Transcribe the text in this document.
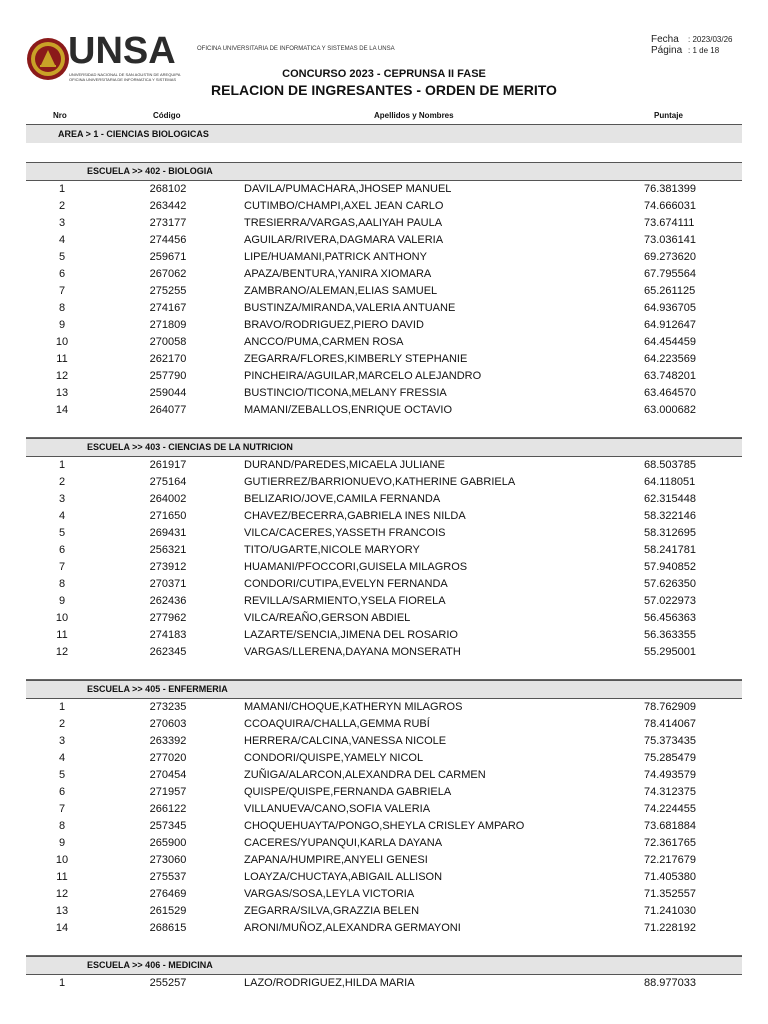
UNSA
UNIVERSIDAD NACIONAL DE SAN AGUSTIN DE AREQUIPA
OFICINA UNIVERSITARIA DE INFORMATICA Y SISTEMAS
OFICINA UNIVERSITARIA DE INFORMATICA Y SISTEMAS DE LA UNSA
Fecha : 2023/03/26
Página : 1 de 18
CONCURSO 2023 - CEPRUNSA II FASE
RELACION DE INGRESANTES - ORDEN DE MERITO
Nro	Código	Apellidos y Nombres	Puntaje
AREA > 1 - CIENCIAS BIOLOGICAS
ESCUELA >> 402 - BIOLOGIA
1	268102	DAVILA/PUMACHARA,JHOSEP MANUEL	76.381399
2	263442	CUTIMBO/CHAMPI,AXEL JEAN CARLO	74.666031
3	273177	TRESIERRA/VARGAS,AALIYAH PAULA	73.674111
4	274456	AGUILAR/RIVERA,DAGMARA VALERIA	73.036141
5	259671	LIPE/HUAMANI,PATRICK ANTHONY	69.273620
6	267062	APAZA/BENTURA,YANIRA XIOMARA	67.795564
7	275255	ZAMBRANO/ALEMAN,ELIAS SAMUEL	65.261125
8	274167	BUSTINZA/MIRANDA,VALERIA ANTUANE	64.936705
9	271809	BRAVO/RODRIGUEZ,PIERO DAVID	64.912647
10	270058	ANCCO/PUMA,CARMEN ROSA	64.454459
11	262170	ZEGARRA/FLORES,KIMBERLY STEPHANIE	64.223569
12	257790	PINCHEIRA/AGUILAR,MARCELO ALEJANDRO	63.748201
13	259044	BUSTINCIO/TICONA,MELANY FRESSIA	63.464570
14	264077	MAMANI/ZEBALLOS,ENRIQUE OCTAVIO	63.000682
ESCUELA >> 403 - CIENCIAS DE LA NUTRICION
1	261917	DURAND/PAREDES,MICAELA JULIANE	68.503785
2	275164	GUTIERREZ/BARRIONUEVO,KATHERINE GABRIELA	64.118051
3	264002	BELIZARIO/JOVE,CAMILA FERNANDA	62.315448
4	271650	CHAVEZ/BECERRA,GABRIELA INES NILDA	58.322146
5	269431	VILCA/CACERES,YASSETH FRANCOIS	58.312695
6	256321	TITO/UGARTE,NICOLE MARYORY	58.241781
7	273912	HUAMANI/PFOCCORI,GUISELA MILAGROS	57.940852
8	270371	CONDORI/CUTIPA,EVELYN FERNANDA	57.626350
9	262436	REVILLA/SARMIENTO,YSELA FIORELA	57.022973
10	277962	VILCA/REAÑO,GERSON ABDIEL	56.456363
11	274183	LAZARTE/SENCIA,JIMENA DEL ROSARIO	56.363355
12	262345	VARGAS/LLERENA,DAYANA MONSERATH	55.295001
ESCUELA >> 405 - ENFERMERIA
1	273235	MAMANI/CHOQUE,KATHERYN MILAGROS	78.762909
2	270603	CCOAQUIRA/CHALLA,GEMMA RUBÍ	78.414067
3	263392	HERRERA/CALCINA,VANESSA NICOLE	75.373435
4	277020	CONDORI/QUISPE,YAMELY NICOL	75.285479
5	270454	ZUÑIGA/ALARCON,ALEXANDRA DEL CARMEN	74.493579
6	271957	QUISPE/QUISPE,FERNANDA GABRIELA	74.312375
7	266122	VILLANUEVA/CANO,SOFIA VALERIA	74.224455
8	257345	CHOQUEHUAYTA/PONGO,SHEYLA CRISLEY AMPARO	73.681884
9	265900	CACERES/YUPANQUI,KARLA DAYANA	72.361765
10	273060	ZAPANA/HUMPIRE,ANYELI GENESI	72.217679
11	275537	LOAYZA/CHUCTAYA,ABIGAIL ALLISON	71.405380
12	276469	VARGAS/SOSA,LEYLA VICTORIA	71.352557
13	261529	ZEGARRA/SILVA,GRAZZIA BELEN	71.241030
14	268615	ARONI/MUÑOZ,ALEXANDRA GERMAYONI	71.228192
ESCUELA >> 406 - MEDICINA
1	255257	LAZO/RODRIGUEZ,HILDA MARIA	88.977033
